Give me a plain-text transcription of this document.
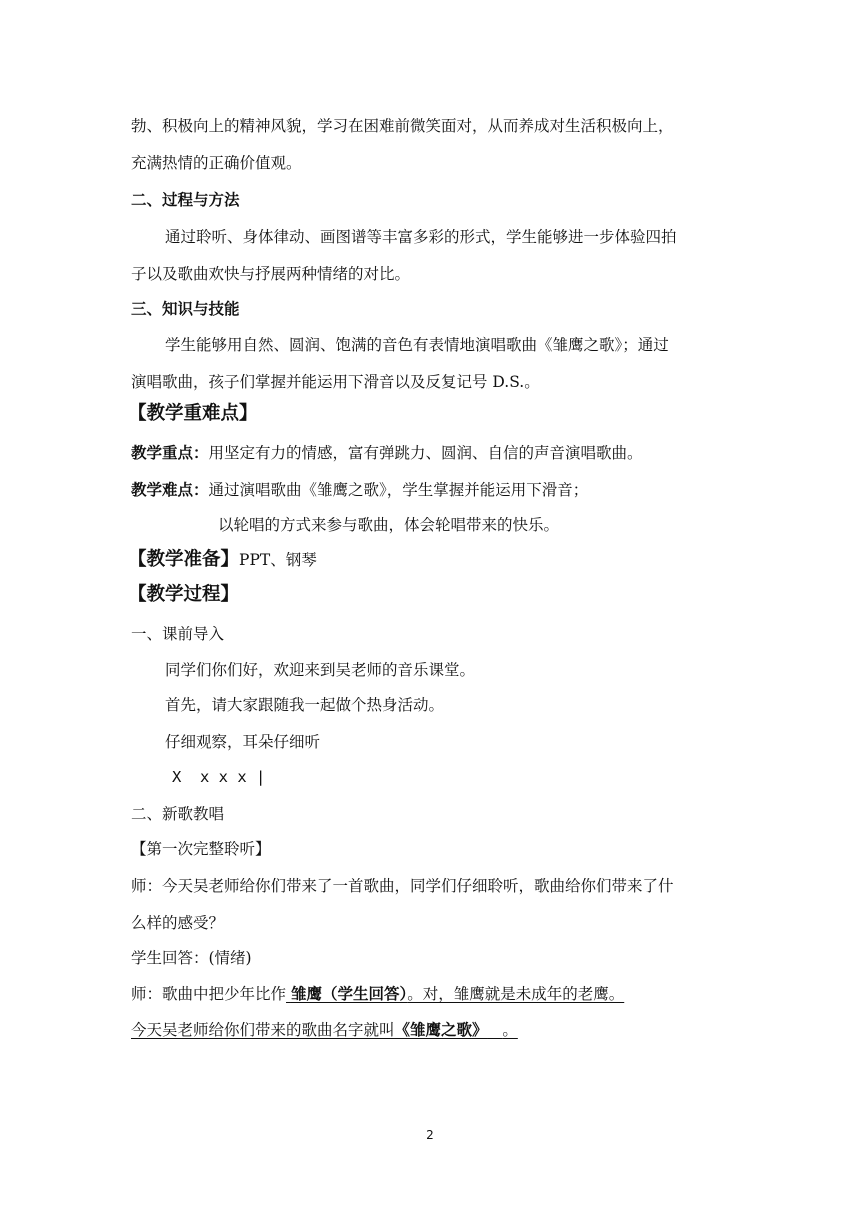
勃、积极向上的精神风貌，学习在困难前微笑面对，从而养成对生活积极向上，
充满热情的正确价值观。
二、过程与方法
通过聆听、身体律动、画图谱等丰富多彩的形式，学生能够进一步体验四拍
子以及歌曲欢快与抒展两种情绪的对比。
三、知识与技能
学生能够用自然、圆润、饱满的音色有表情地演唱歌曲《雏鹰之歌》；通过
演唱歌曲，孩子们掌握并能运用下滑音以及反复记号 D.S.。
【教学重难点】
教学重点：用坚定有力的情感，富有弹跳力、圆润、自信的声音演唱歌曲。
教学难点：通过演唱歌曲《雏鹰之歌》，学生掌握并能运用下滑音；
以轮唱的方式来参与歌曲，体会轮唱带来的快乐。
【教学准备】PPT、钢琴
【教学过程】
一、课前导入
同学们你们好，欢迎来到吴老师的音乐课堂。
首先，请大家跟随我一起做个热身活动。
仔细观察，耳朵仔细听
X  x x x |
二、新歌教唱
【第一次完整聆听】
师：今天吴老师给你们带来了一首歌曲，同学们仔细聆听，歌曲给你们带来了什
么样的感受？
学生回答：(情绪)
师：歌曲中把少年比作 雏鹰（学生回答）。对，雏鹰就是未成年的老鹰。
今天吴老师给你们带来的歌曲名字就叫《雏鹰之歌》 。
2
